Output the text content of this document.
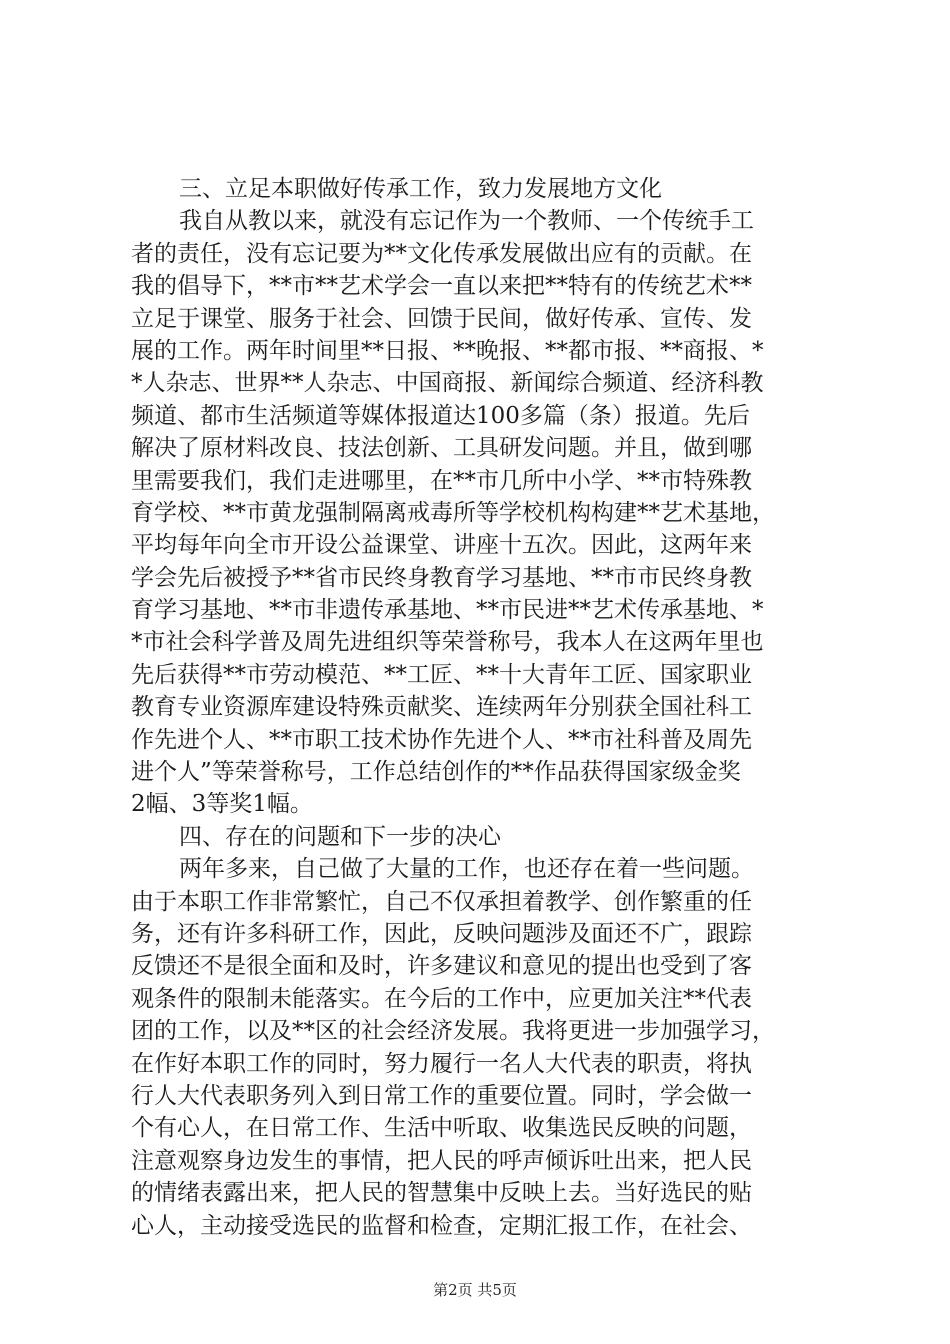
三、立足本职做好传承工作，致力发展地方文化
我自从教以来，就没有忘记作为一个教师、一个传统手工
者的责任，没有忘记要为**文化传承发展做出应有的贡献。在
我的倡导下，**市**艺术学会一直以来把**特有的传统艺术**
立足于课堂、服务于社会、回馈于民间，做好传承、宣传、发
展的工作。两年时间里**日报、**晚报、**都市报、**商报、*
*人杂志、世界**人杂志、中国商报、新闻综合频道、经济科教
频道、都市生活频道等媒体报道达100多篇（条）报道。先后
解决了原材料改良、技法创新、工具研发问题。并且，做到哪
里需要我们，我们走进哪里，在**市几所中小学、**市特殊教
育学校、**市黄龙强制隔离戒毒所等学校机构构建**艺术基地，
平均每年向全市开设公益课堂、讲座十五次。因此，这两年来
学会先后被授予**省市民终身教育学习基地、**市市民终身教
育学习基地、**市非遗传承基地、**市民进**艺术传承基地、*
*市社会科学普及周先进组织等荣誉称号，我本人在这两年里也
先后获得**市劳动模范、**工匠、**十大青年工匠、国家职业
教育专业资源库建设特殊贡献奖、连续两年分别获全国社科工
作先进个人、**市职工技术协作先进个人、**市社科普及周先
进个人”等荣誉称号，工作总结创作的**作品获得国家级金奖
2幅、3等奖1幅。
四、存在的问题和下一步的决心
两年多来，自己做了大量的工作，也还存在着一些问题。
由于本职工作非常繁忙，自己不仅承担着教学、创作繁重的任
务，还有许多科研工作，因此，反映问题涉及面还不广，跟踪
反馈还不是很全面和及时，许多建议和意见的提出也受到了客
观条件的限制未能落实。在今后的工作中，应更加关注**代表
团的工作，以及**区的社会经济发展。我将更进一步加强学习，
在作好本职工作的同时，努力履行一名人大代表的职责，将执
行人大代表职务列入到日常工作的重要位置。同时，学会做一
个有心人，在日常工作、生活中听取、收集选民反映的问题，
注意观察身边发生的事情，把人民的呼声倾诉吐出来，把人民
的情绪表露出来，把人民的智慧集中反映上去。当好选民的贴
心人，主动接受选民的监督和检查，定期汇报工作，在社会、
第2页 共5页
